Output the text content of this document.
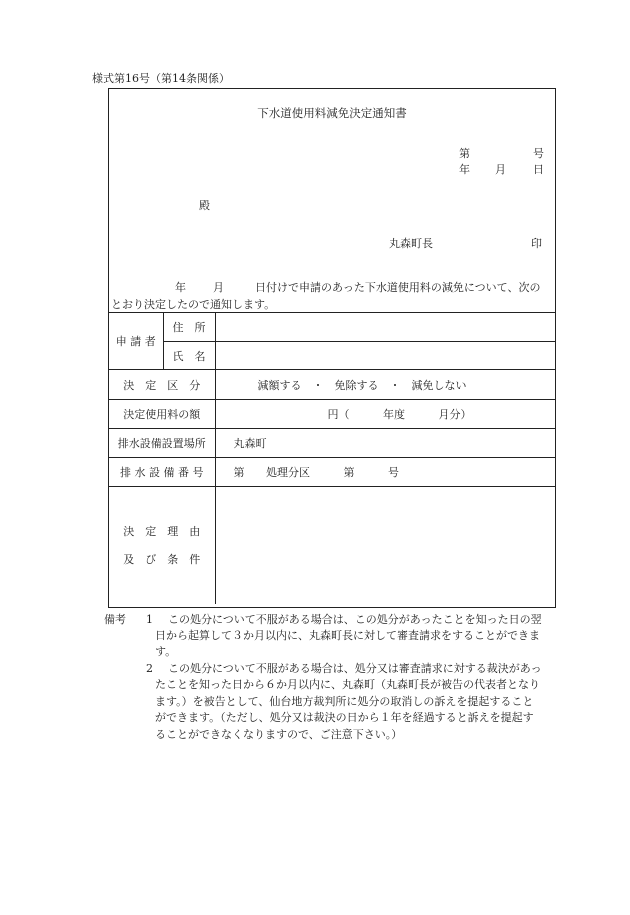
様式第16号（第14条関係）
下水道使用料減免決定通知書
第	号
年 月 日
殿
丸森町長	印
年 月	日付けで申請のあった下水道使用料の減免について、次の
とおり決定したので通知します。
申 請 者	住　所	
	氏　名	
決　定　区　分		減額する　・　免除する　・　減免しない
決定使用料の額		円（ 年度 月分）
排水設備設置場所		丸森町
排 水 設 備 番 号		第 処理分区 第 号

決　定　理　由
及　び　条　件		

備考 1 この処分について不服がある場合は、この処分があったことを知った日の翌
日から起算して３か月以内に、丸森町長に対して審査請求をすることができま
す。
2 この処分について不服がある場合は、処分又は審査請求に対する裁決があっ
たことを知った日から６か月以内に、丸森町（丸森町長が被告の代表者となり
ます。）を被告として、仙台地方裁判所に処分の取消しの訴えを提起すること
ができます。（ただし、処分又は裁決の日から１年を経過すると訴えを提起す
ることができなくなりますので、ご注意下さい。）
